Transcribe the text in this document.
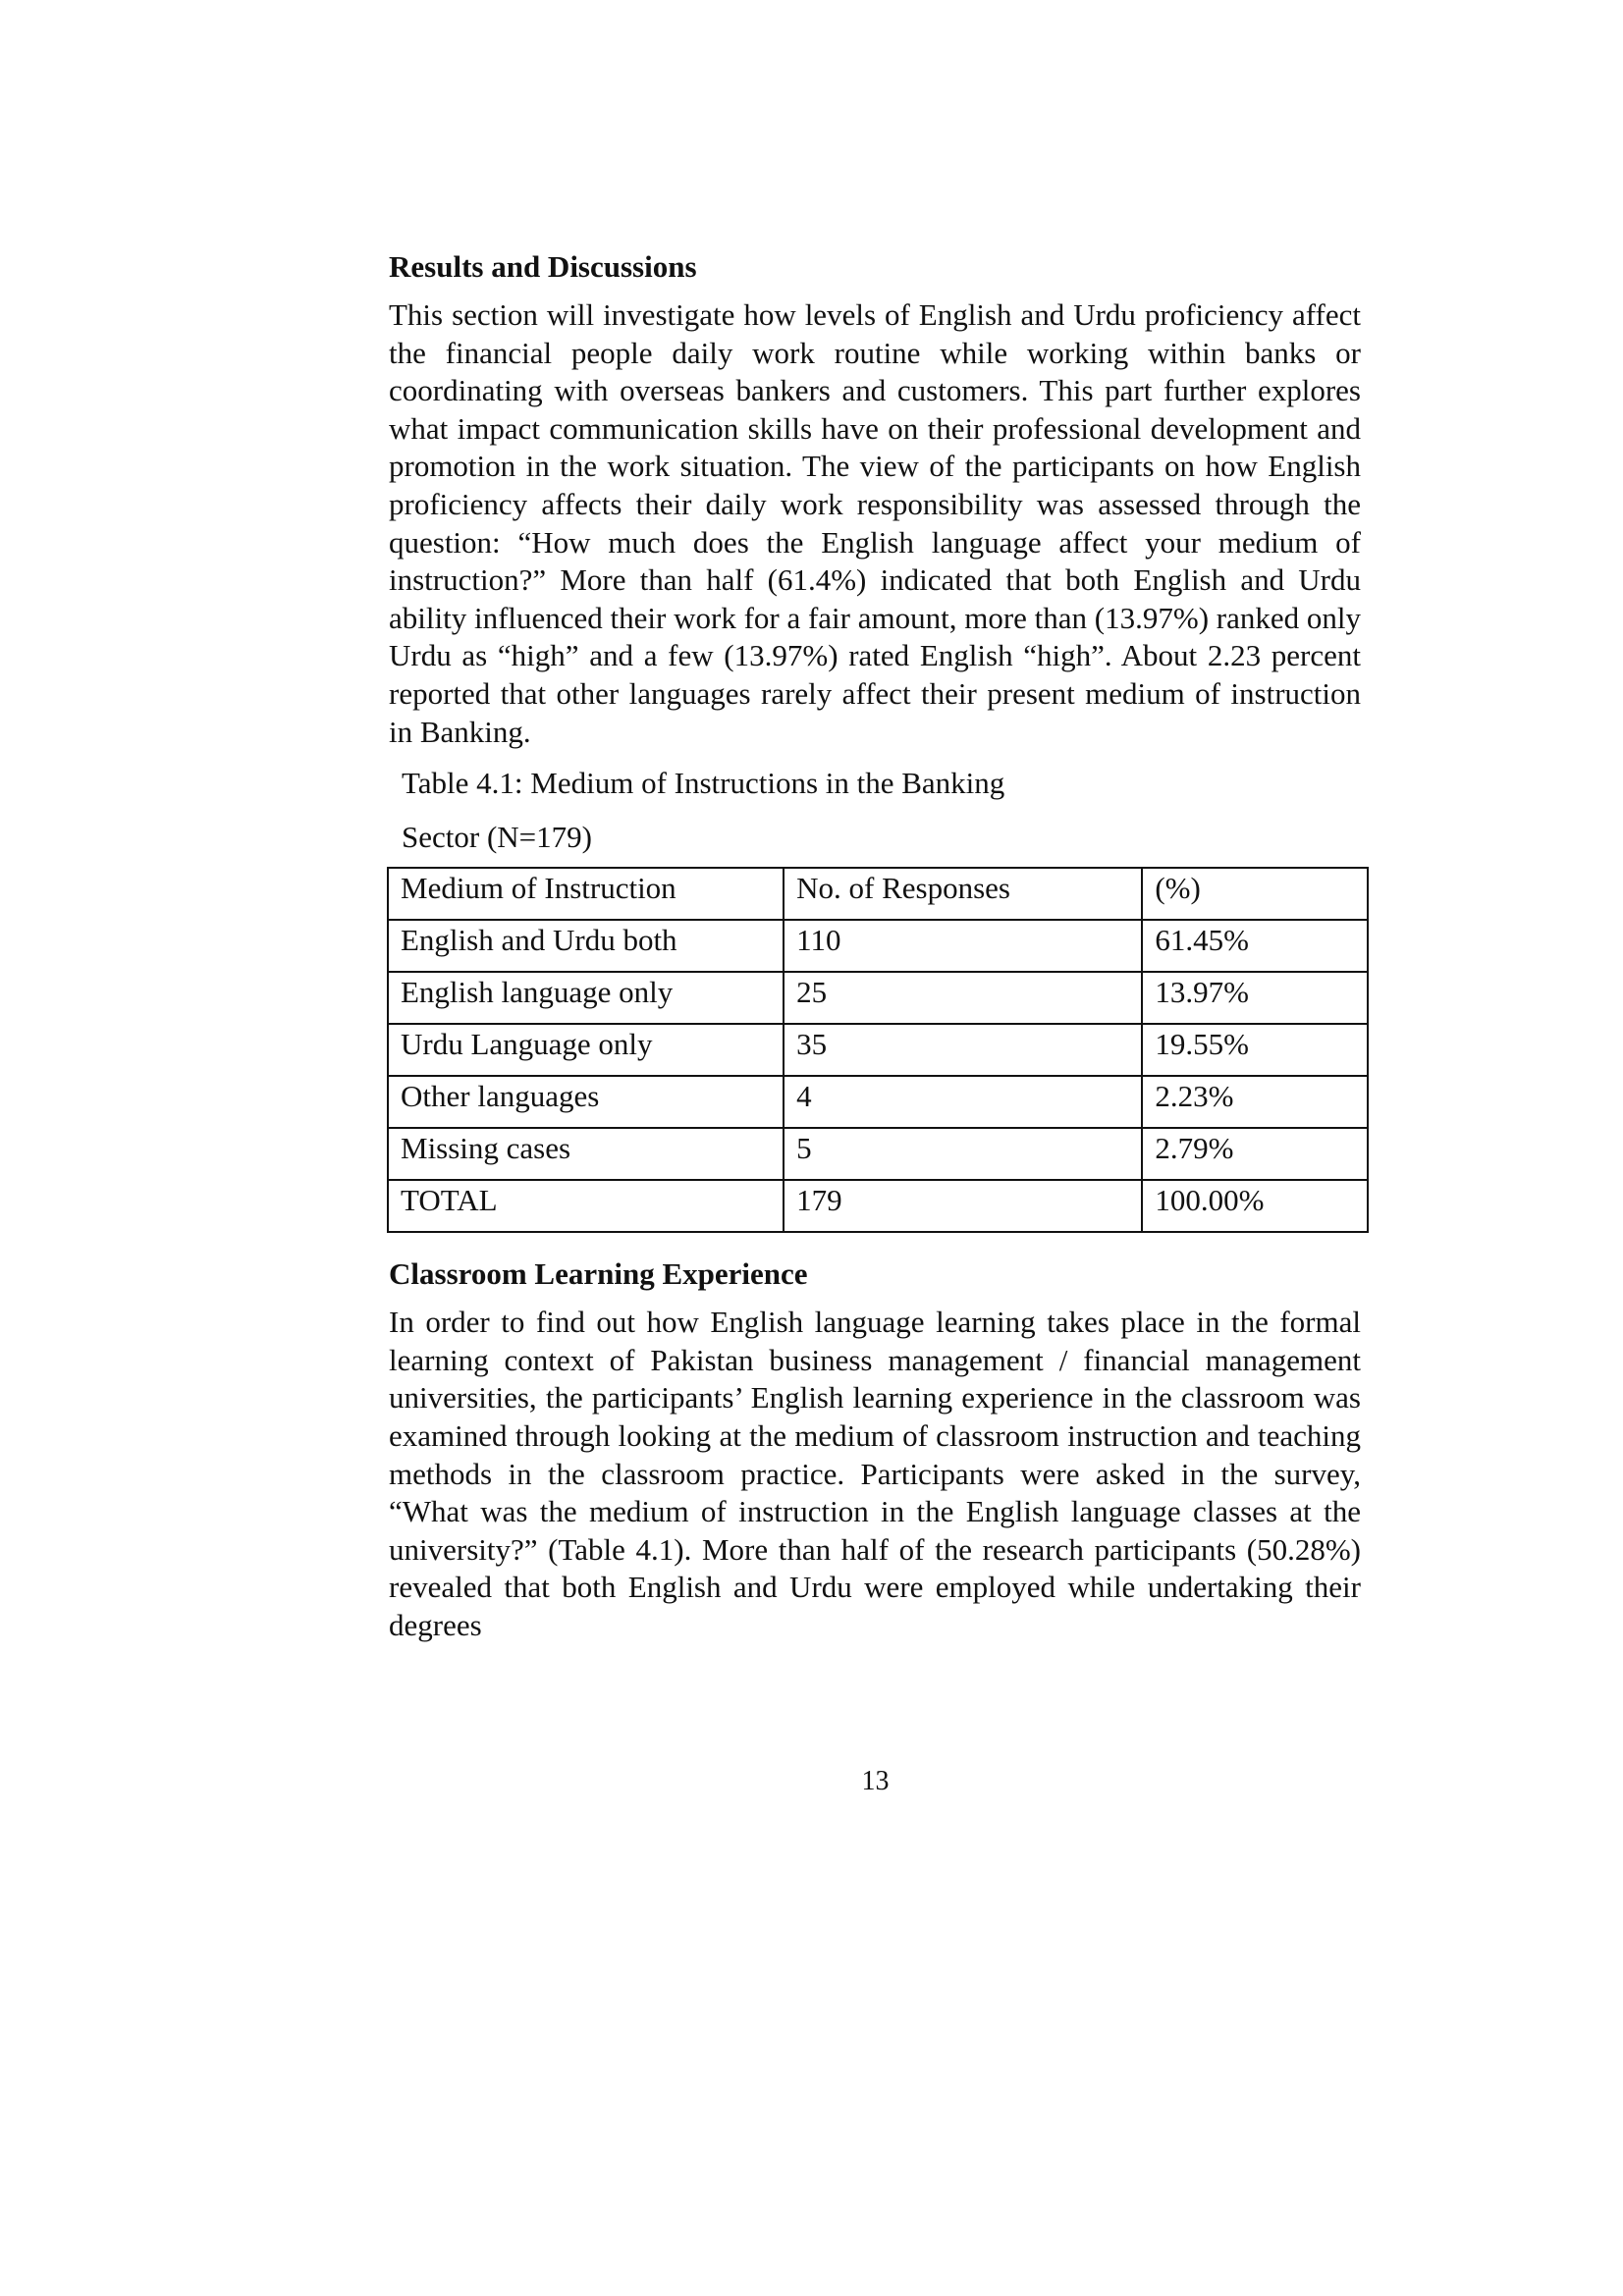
Results and Discussions

This section will investigate how levels of English and Urdu proficiency affect the financial people daily work routine while working within banks or coordinating with overseas bankers and customers. This part further explores what impact communication skills have on their professional development and promotion in the work situation. The view of the participants on how English proficiency affects their daily work responsibility was assessed through the question: “How much does the English language affect your medium of instruction?” More than half (61.4%) indicated that both English and Urdu ability influenced their work for a fair amount, more than (13.97%) ranked only Urdu as “high” and a few (13.97%) rated English “high”. About 2.23 percent reported that other languages rarely affect their present medium of instruction in Banking.

Table 4.1: Medium of Instructions in the Banking
Sector (N=179)
Medium of Instruction	No. of Responses	(%)
English and Urdu both	110	61.45%
English language only	25	13.97%
Urdu Language only	35	19.55%
Other languages	4	2.23%
Missing cases	5	2.79%
TOTAL	179	100.00%
Classroom Learning Experience

In order to find out how English language learning takes place in the formal learning context of Pakistan business management / financial management universities, the participants’ English learning experience in the classroom was examined through looking at the medium of classroom instruction and teaching methods in the classroom practice. Participants were asked in the survey, “What was the medium of instruction in the English language classes at the university?” (Table 4.1). More than half of the research participants (50.28%) revealed that both English and Urdu were employed while undertaking their degrees

13
